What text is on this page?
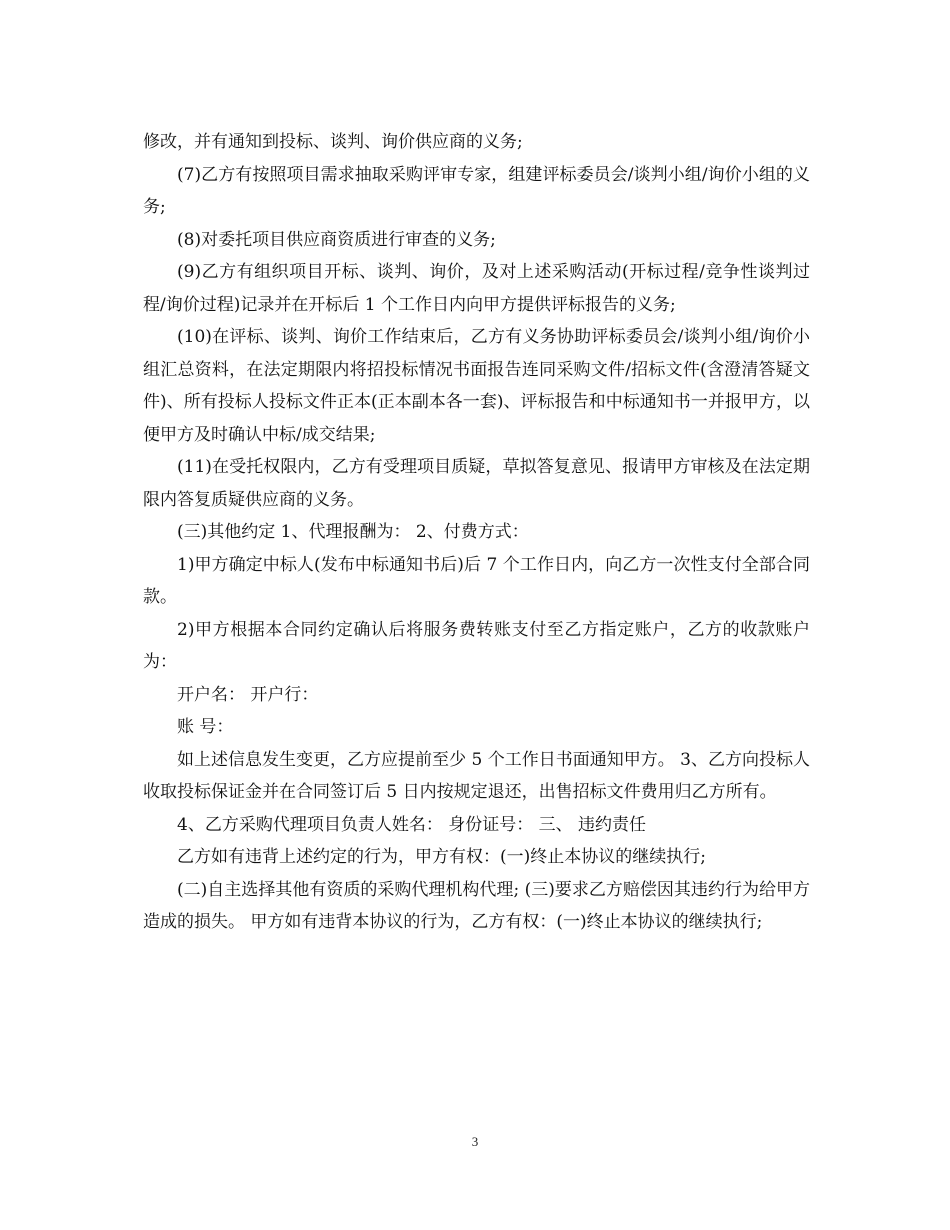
修改，并有通知到投标、谈判、询价供应商的义务;

(7)乙方有按照项目需求抽取采购评审专家，组建评标委员会/谈判小组/询价小组的义务;

(8)对委托项目供应商资质进行审查的义务;

(9)乙方有组织项目开标、谈判、询价，及对上述采购活动(开标过程/竞争性谈判过程/询价过程)记录并在开标后 1 个工作日内向甲方提供评标报告的义务;

(10)在评标、谈判、询价工作结束后，乙方有义务协助评标委员会/谈判小组/询价小组汇总资料，在法定期限内将招投标情况书面报告连同采购文件/招标文件(含澄清答疑文件)、所有投标人投标文件正本(正本副本各一套)、评标报告和中标通知书一并报甲方，以便甲方及时确认中标/成交结果;

(11)在受托权限内，乙方有受理项目质疑，草拟答复意见、报请甲方审核及在法定期限内答复质疑供应商的义务。

(三)其他约定 1、代理报酬为： 2、付费方式：

1)甲方确定中标人(发布中标通知书后)后 7 个工作日内，向乙方一次性支付全部合同款。

2)甲方根据本合同约定确认后将服务费转账支付至乙方指定账户，乙方的收款账户为：

开户名： 开户行：

账 号：

如上述信息发生变更，乙方应提前至少 5 个工作日书面通知甲方。 3、乙方向投标人收取投标保证金并在合同签订后 5 日内按规定退还，出售招标文件费用归乙方所有。

4、乙方采购代理项目负责人姓名： 身份证号： 三、 违约责任

乙方如有违背上述约定的行为，甲方有权：(一)终止本协议的继续执行;

(二)自主选择其他有资质的采购代理机构代理; (三)要求乙方赔偿因其违约行为给甲方造成的损失。 甲方如有违背本协议的行为，乙方有权：(一)终止本协议的继续执行;

3
